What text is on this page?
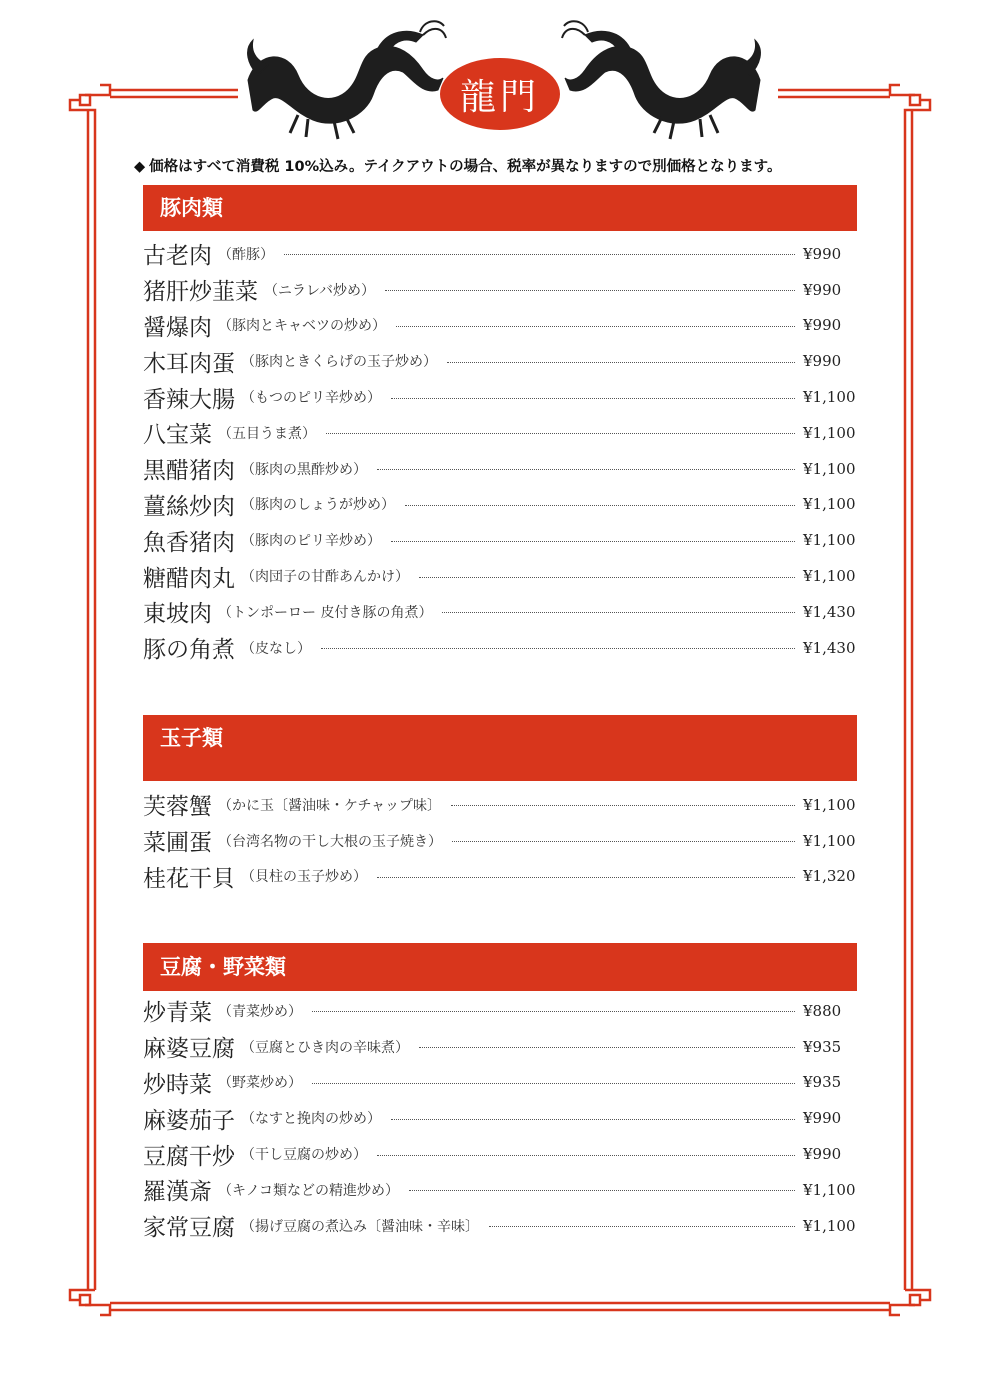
龍門
◆ 価格はすべて消費税 10%込み。テイクアウトの場合、税率が異なりますので別価格となります。
豚肉類
古老肉 （酢豚）	¥990
猪肝炒韮菜 （ニラレバ炒め）	¥990
醤爆肉 （豚肉とキャベツの炒め）	¥990
木耳肉蛋 （豚肉ときくらげの玉子炒め）	¥990
香辣大腸 （もつのピリ辛炒め）	¥1,100
八宝菜 （五目うま煮）	¥1,100
黒醋猪肉 （豚肉の黒酢炒め）	¥1,100
薑絲炒肉 （豚肉のしょうが炒め）	¥1,100
魚香猪肉 （豚肉のピリ辛炒め）	¥1,100
糖醋肉丸 （肉団子の甘酢あんかけ）	¥1,100
東坡肉 （トンポーロー 皮付き豚の角煮）	¥1,430
豚の角煮 （皮なし）	¥1,430
玉子類
芙蓉蟹 （かに玉〔醤油味・ケチャップ味〕	¥1,100
菜圃蛋 （台湾名物の干し大根の玉子焼き）	¥1,100
桂花干貝 （貝柱の玉子炒め）	¥1,320
豆腐・野菜類
炒青菜 （青菜炒め）	¥880
麻婆豆腐 （豆腐とひき肉の辛味煮）	¥935
炒時菜 （野菜炒め）	¥935
麻婆茄子 （なすと挽肉の炒め）	¥990
豆腐干炒 （干し豆腐の炒め）	¥990
羅漢斎 （キノコ類などの精進炒め）	¥1,100
家常豆腐 （揚げ豆腐の煮込み〔醤油味・辛味〕	¥1,100
